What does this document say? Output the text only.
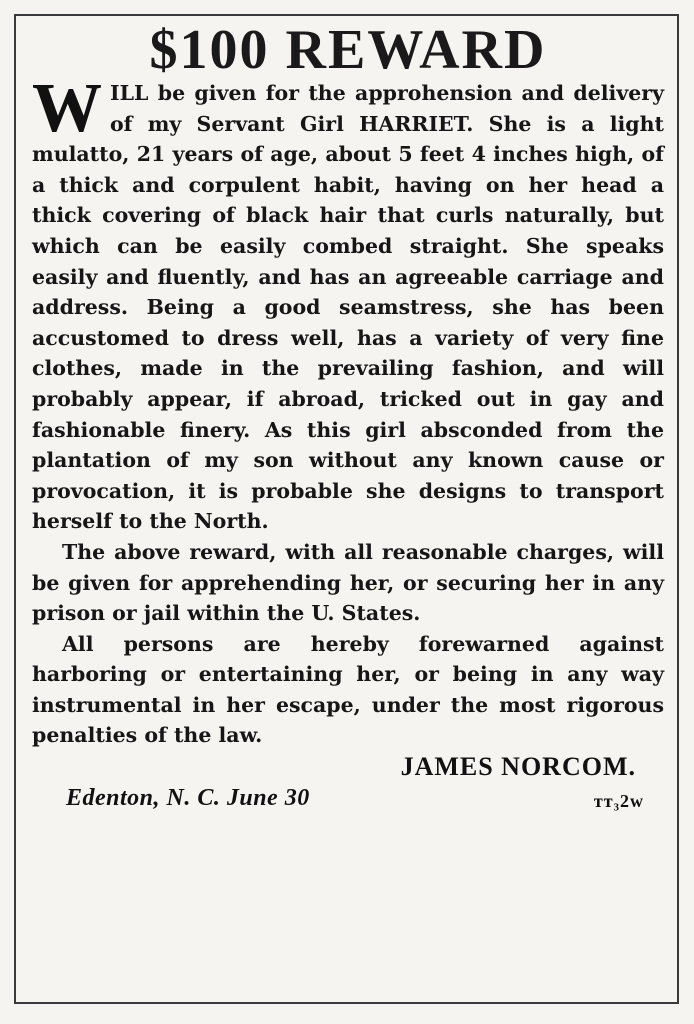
$100 REWARD

WILL be given for the approhension and delivery of my Servant Girl HARRIET. She is a light mulatto, 21 years of age, about 5 feet 4 inches high, of a thick and corpulent habit, having on her head a thick covering of black hair that curls naturally, but which can be easily combed straight. She speaks easily and fluently, and has an agreeable carriage and address. Being a good seamstress, she has been accustomed to dress well, has a variety of very fine clothes, made in the prevailing fashion, and will probably appear, if abroad, tricked out in gay and fashionable finery. As this girl absconded from the plantation of my son without any known cause or provocation, it is probable she designs to transport herself to the North.

The above reward, with all reasonable charges, will be given for apprehending her, or securing her in any prison or jail within the U. States.

All persons are hereby forewarned against harboring or entertaining her, or being in any way instrumental in her escape, under the most rigorous penalties of the law.

JAMES NORCOM.

Edenton, N. C. June 30	ᴛᴛ₃2w
